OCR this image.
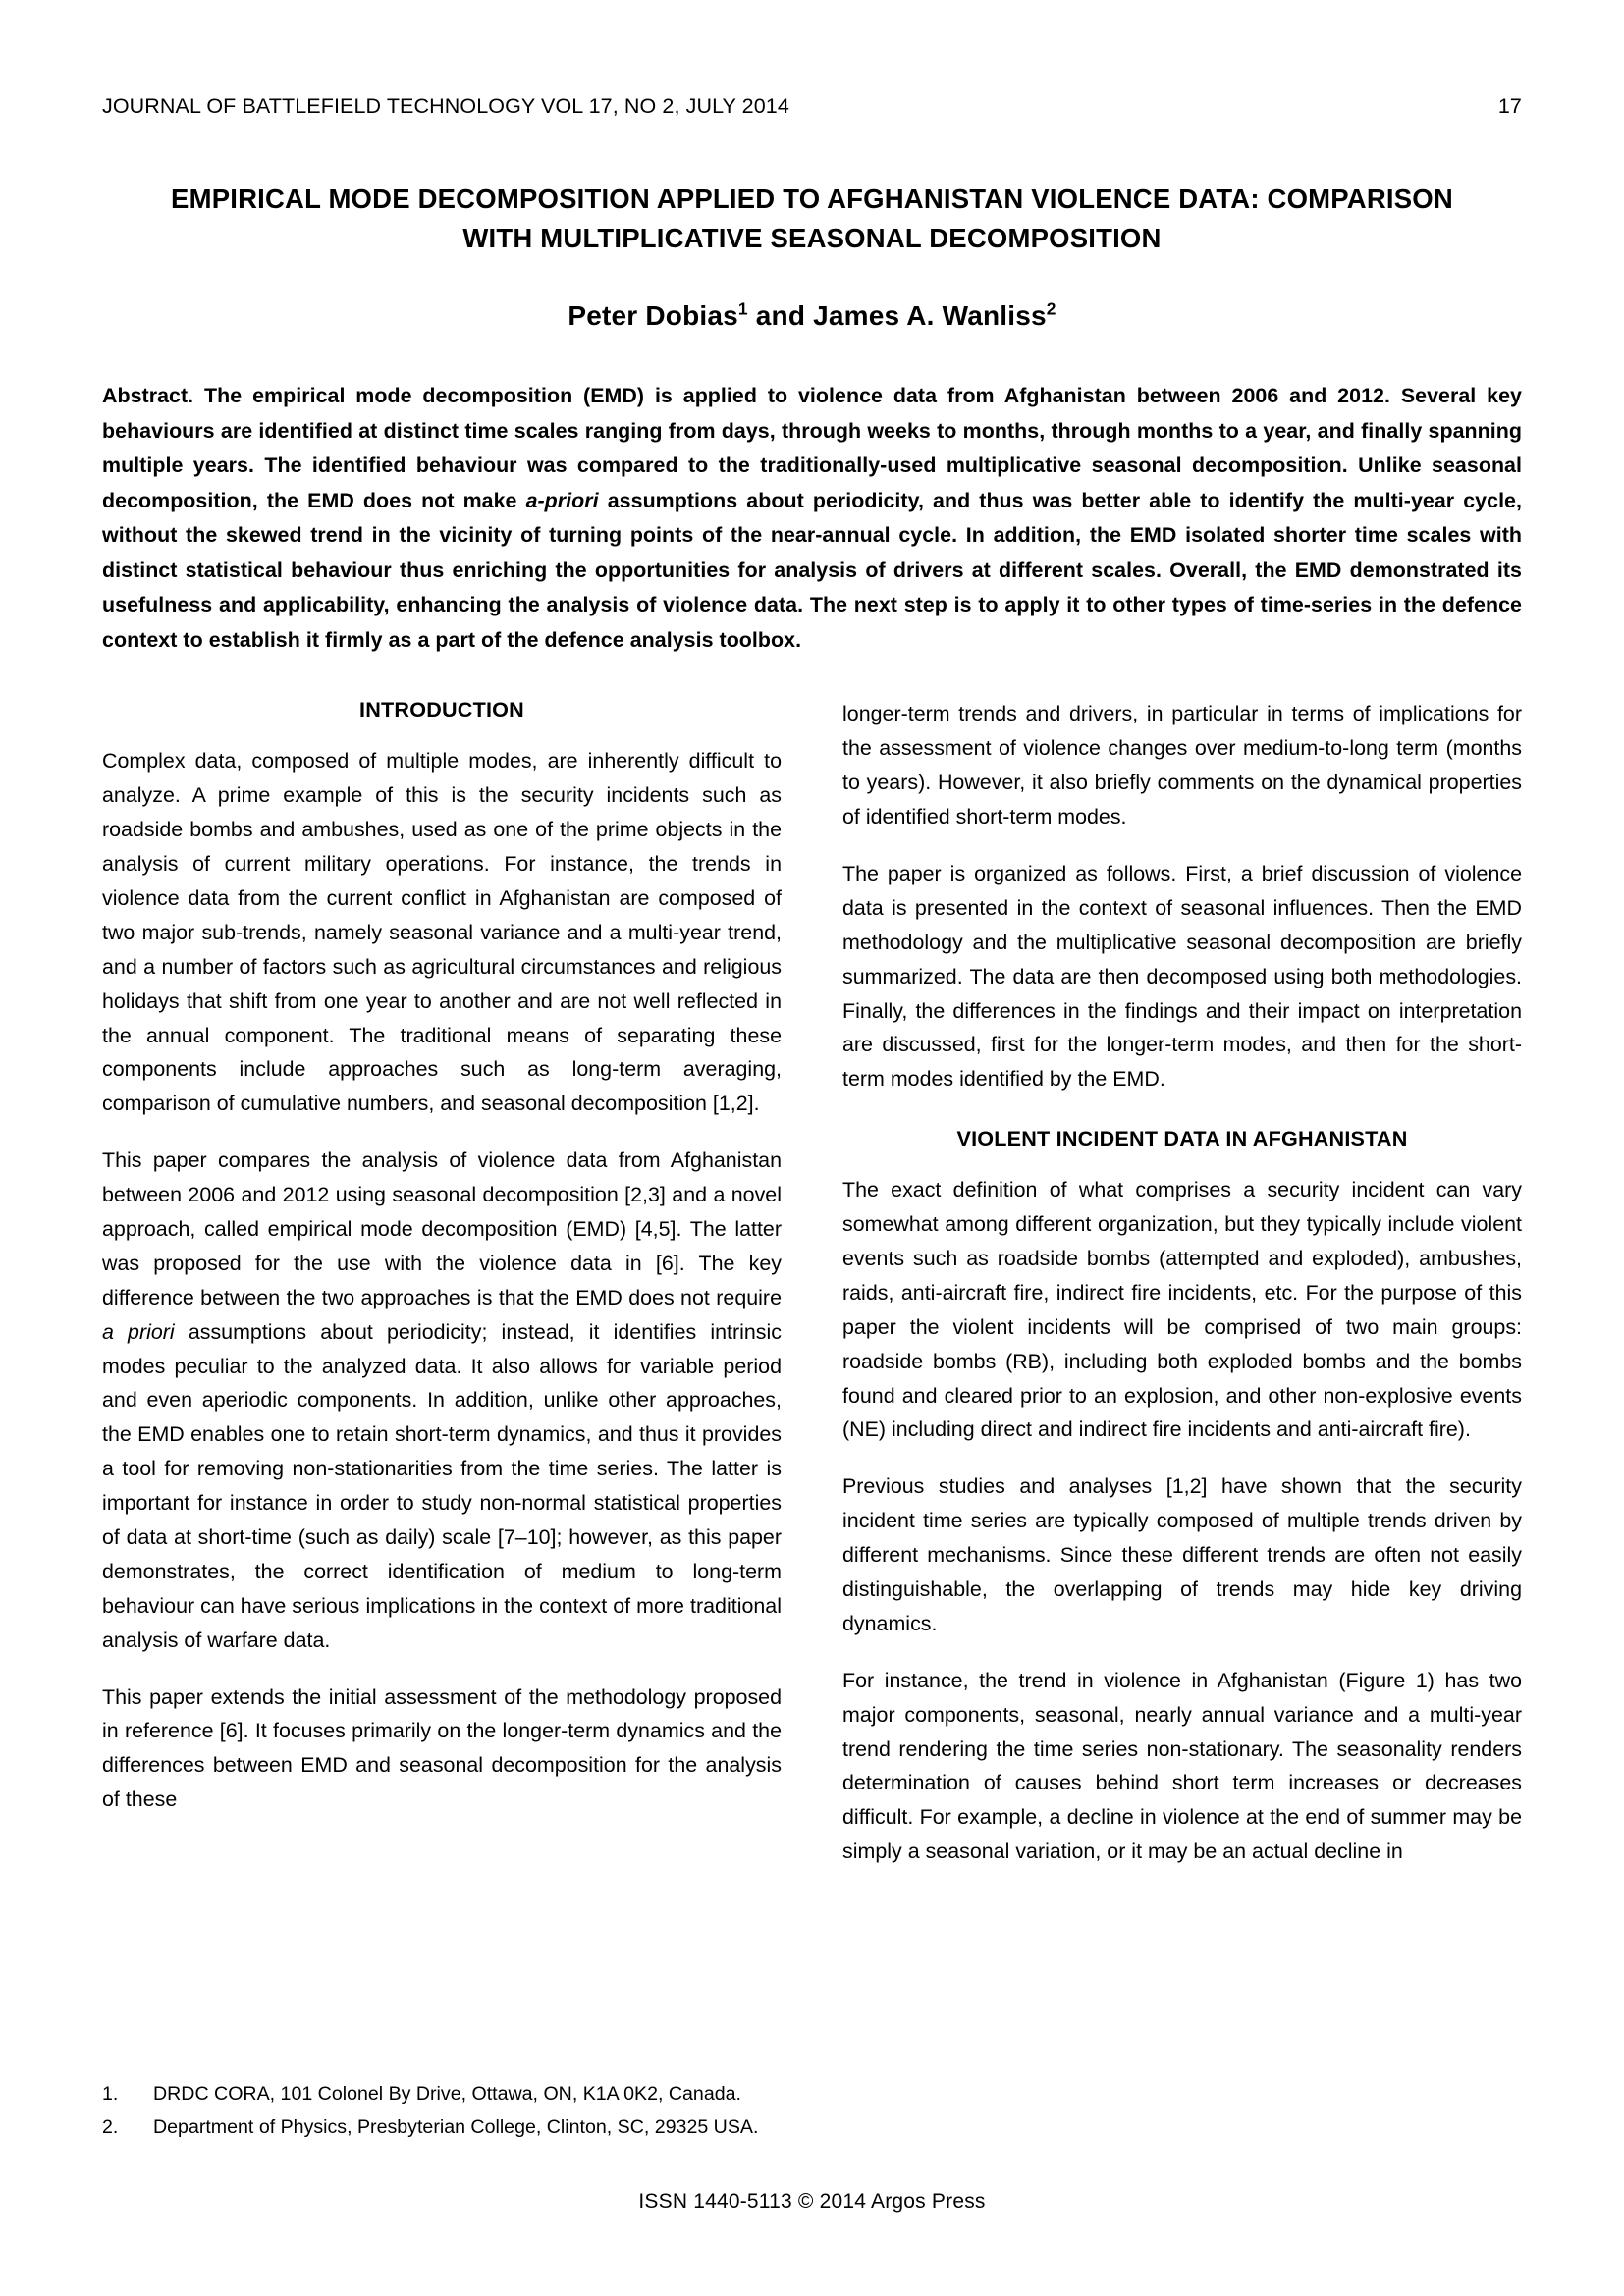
JOURNAL OF BATTLEFIELD TECHNOLOGY VOL 17, NO 2, JULY 2014	17
EMPIRICAL MODE DECOMPOSITION APPLIED TO AFGHANISTAN VIOLENCE DATA: COMPARISON
WITH MULTIPLICATIVE SEASONAL DECOMPOSITION
Peter Dobias$^1$ and James A. Wanliss$^2$
Abstract. The empirical mode decomposition (EMD) is applied to violence data from Afghanistan between 2006 and 2012. Several key behaviours are identified at distinct time scales ranging from days, through weeks to months, through months to a year, and finally spanning multiple years. The identified behaviour was compared to the traditionally-used multiplicative seasonal decomposition. Unlike seasonal decomposition, the EMD does not make a-priori assumptions about periodicity, and thus was better able to identify the multi-year cycle, without the skewed trend in the vicinity of turning points of the near-annual cycle. In addition, the EMD isolated shorter time scales with distinct statistical behaviour thus enriching the opportunities for analysis of drivers at different scales. Overall, the EMD demonstrated its usefulness and applicability, enhancing the analysis of violence data. The next step is to apply it to other types of time-series in the defence context to establish it firmly as a part of the defence analysis toolbox.
INTRODUCTION

Complex data, composed of multiple modes, are inherently difficult to analyze. A prime example of this is the security incidents such as roadside bombs and ambushes, used as one of the prime objects in the analysis of current military operations. For instance, the trends in violence data from the current conflict in Afghanistan are composed of two major sub-trends, namely seasonal variance and a multi-year trend, and a number of factors such as agricultural circumstances and religious holidays that shift from one year to another and are not well reflected in the annual component. The traditional means of separating these components include approaches such as long-term averaging, comparison of cumulative numbers, and seasonal decomposition [1,2].

This paper compares the analysis of violence data from Afghanistan between 2006 and 2012 using seasonal decomposition [2,3] and a novel approach, called empirical mode decomposition (EMD) [4,5]. The latter was proposed for the use with the violence data in [6]. The key difference between the two approaches is that the EMD does not require a priori assumptions about periodicity; instead, it identifies intrinsic modes peculiar to the analyzed data. It also allows for variable period and even aperiodic components. In addition, unlike other approaches, the EMD enables one to retain short-term dynamics, and thus it provides a tool for removing non-stationarities from the time series. The latter is important for instance in order to study non-normal statistical properties of data at short-time (such as daily) scale [7–10]; however, as this paper demonstrates, the correct identification of medium to long-term behaviour can have serious implications in the context of more traditional analysis of warfare data.

This paper extends the initial assessment of the methodology proposed in reference [6]. It focuses primarily on the longer-term dynamics and the differences between EMD and seasonal decomposition for the analysis of these

longer-term trends and drivers, in particular in terms of implications for the assessment of violence changes over medium-to-long term (months to years). However, it also briefly comments on the dynamical properties of identified short-term modes.

The paper is organized as follows. First, a brief discussion of violence data is presented in the context of seasonal influences. Then the EMD methodology and the multiplicative seasonal decomposition are briefly summarized. The data are then decomposed using both methodologies. Finally, the differences in the findings and their impact on interpretation are discussed, first for the longer-term modes, and then for the short-term modes identified by the EMD.

VIOLENT INCIDENT DATA IN AFGHANISTAN

The exact definition of what comprises a security incident can vary somewhat among different organization, but they typically include violent events such as roadside bombs (attempted and exploded), ambushes, raids, anti-aircraft fire, indirect fire incidents, etc. For the purpose of this paper the violent incidents will be comprised of two main groups: roadside bombs (RB), including both exploded bombs and the bombs found and cleared prior to an explosion, and other non-explosive events (NE) including direct and indirect fire incidents and anti-aircraft fire).

Previous studies and analyses [1,2] have shown that the security incident time series are typically composed of multiple trends driven by different mechanisms. Since these different trends are often not easily distinguishable, the overlapping of trends may hide key driving dynamics.

For instance, the trend in violence in Afghanistan (Figure 1) has two major components, seasonal, nearly annual variance and a multi-year trend rendering the time series non-stationary. The seasonality renders determination of causes behind short term increases or decreases difficult. For example, a decline in violence at the end of summer may be simply a seasonal variation, or it may be an actual decline in

1.	DRDC CORA, 101 Colonel By Drive, Ottawa, ON, K1A 0K2, Canada.
2.	Department of Physics, Presbyterian College, Clinton, SC, 29325 USA.
ISSN 1440-5113 © 2014 Argos Press
